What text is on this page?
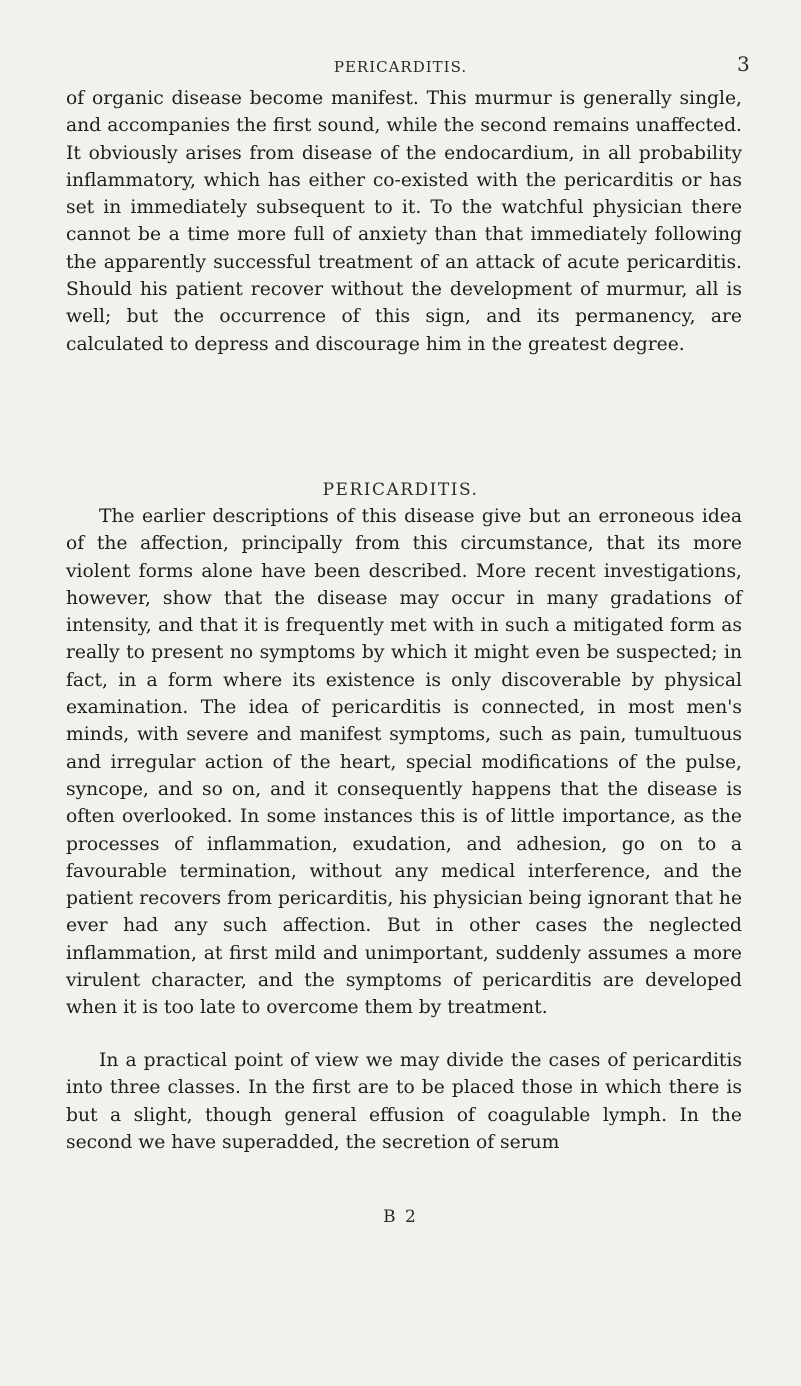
PERICARDITIS.	3

of organic disease become manifest. This murmur is generally single, and accompanies the first sound, while the second remains unaffected. It obviously arises from disease of the endocardium, in all probability inflammatory, which has either co-existed with the pericarditis or has set in immediately subsequent to it. To the watchful physician there cannot be a time more full of anxiety than that immediately following the apparently successful treatment of an attack of acute pericarditis. Should his patient recover without the development of murmur, all is well; but the occurrence of this sign, and its permanency, are calculated to depress and discourage him in the greatest degree.

PERICARDITIS.

The earlier descriptions of this disease give but an erroneous idea of the affection, principally from this circumstance, that its more violent forms alone have been described. More recent investigations, however, show that the disease may occur in many gradations of intensity, and that it is frequently met with in such a mitigated form as really to present no symptoms by which it might even be suspected; in fact, in a form where its existence is only discoverable by physical examination. The idea of pericarditis is connected, in most men's minds, with severe and manifest symptoms, such as pain, tumultuous and irregular action of the heart, special modifications of the pulse, syncope, and so on, and it consequently happens that the disease is often overlooked. In some instances this is of little importance, as the processes of inflammation, exudation, and adhesion, go on to a favourable termination, without any medical interference, and the patient recovers from pericarditis, his physician being ignorant that he ever had any such affection. But in other cases the neglected inflammation, at first mild and unimportant, suddenly assumes a more virulent character, and the symptoms of pericarditis are developed when it is too late to overcome them by treatment.

In a practical point of view we may divide the cases of pericarditis into three classes. In the first are to be placed those in which there is but a slight, though general effusion of coagulable lymph. In the second we have superadded, the secretion of serum

B 2
